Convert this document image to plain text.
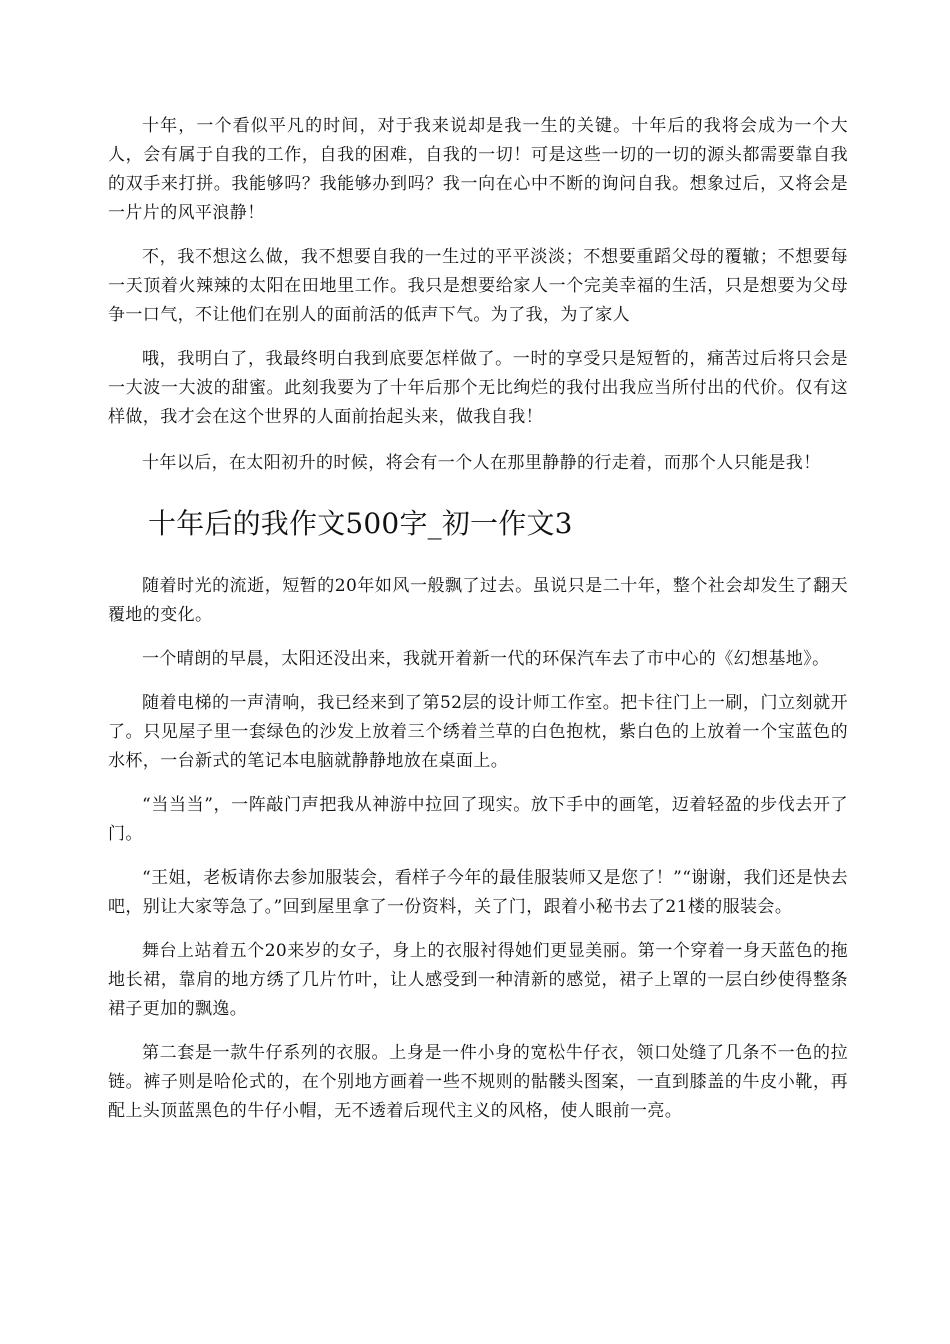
十年，一个看似平凡的时间，对于我来说却是我一生的关键。十年后的我将会成为一个大人，会有属于自我的工作，自我的困难，自我的一切！可是这些一切的一切的源头都需要靠自我的双手来打拼。我能够吗？我能够办到吗？我一向在心中不断的询问自我。想象过后，又将会是一片片的风平浪静！

不，我不想这么做，我不想要自我的一生过的平平淡淡；不想要重蹈父母的覆辙；不想要每一天顶着火辣辣的太阳在田地里工作。我只是想要给家人一个完美幸福的生活，只是想要为父母争一口气，不让他们在别人的面前活的低声下气。为了我，为了家人

哦，我明白了，我最终明白我到底要怎样做了。一时的享受只是短暂的，痛苦过后将只会是一大波一大波的甜蜜。此刻我要为了十年后那个无比绚烂的我付出我应当所付出的代价。仅有这样做，我才会在这个世界的人面前抬起头来，做我自我！

十年以后，在太阳初升的时候，将会有一个人在那里静静的行走着，而那个人只能是我！

十年后的我作文500字_初一作文3

随着时光的流逝，短暂的20年如风一般飘了过去。虽说只是二十年，整个社会却发生了翻天覆地的变化。

一个晴朗的早晨，太阳还没出来，我就开着新一代的环保汽车去了市中心的《幻想基地》。

随着电梯的一声清响，我已经来到了第52层的设计师工作室。把卡往门上一刷，门立刻就开了。只见屋子里一套绿色的沙发上放着三个绣着兰草的白色抱枕，紫白色的上放着一个宝蓝色的水杯，一台新式的笔记本电脑就静静地放在桌面上。

“当当当”，一阵敲门声把我从神游中拉回了现实。放下手中的画笔，迈着轻盈的步伐去开了门。

“王姐，老板请你去参加服装会，看样子今年的最佳服装师又是您了！”“谢谢，我们还是快去吧，别让大家等急了。”回到屋里拿了一份资料，关了门，跟着小秘书去了21楼的服装会。

舞台上站着五个20来岁的女子，身上的衣服衬得她们更显美丽。第一个穿着一身天蓝色的拖地长裙，靠肩的地方绣了几片竹叶，让人感受到一种清新的感觉，裙子上罩的一层白纱使得整条裙子更加的飘逸。

第二套是一款牛仔系列的衣服。上身是一件小身的宽松牛仔衣，领口处缝了几条不一色的拉链。裤子则是哈伦式的，在个别地方画着一些不规则的骷髅头图案，一直到膝盖的牛皮小靴，再配上头顶蓝黑色的牛仔小帽，无不透着后现代主义的风格，使人眼前一亮。
